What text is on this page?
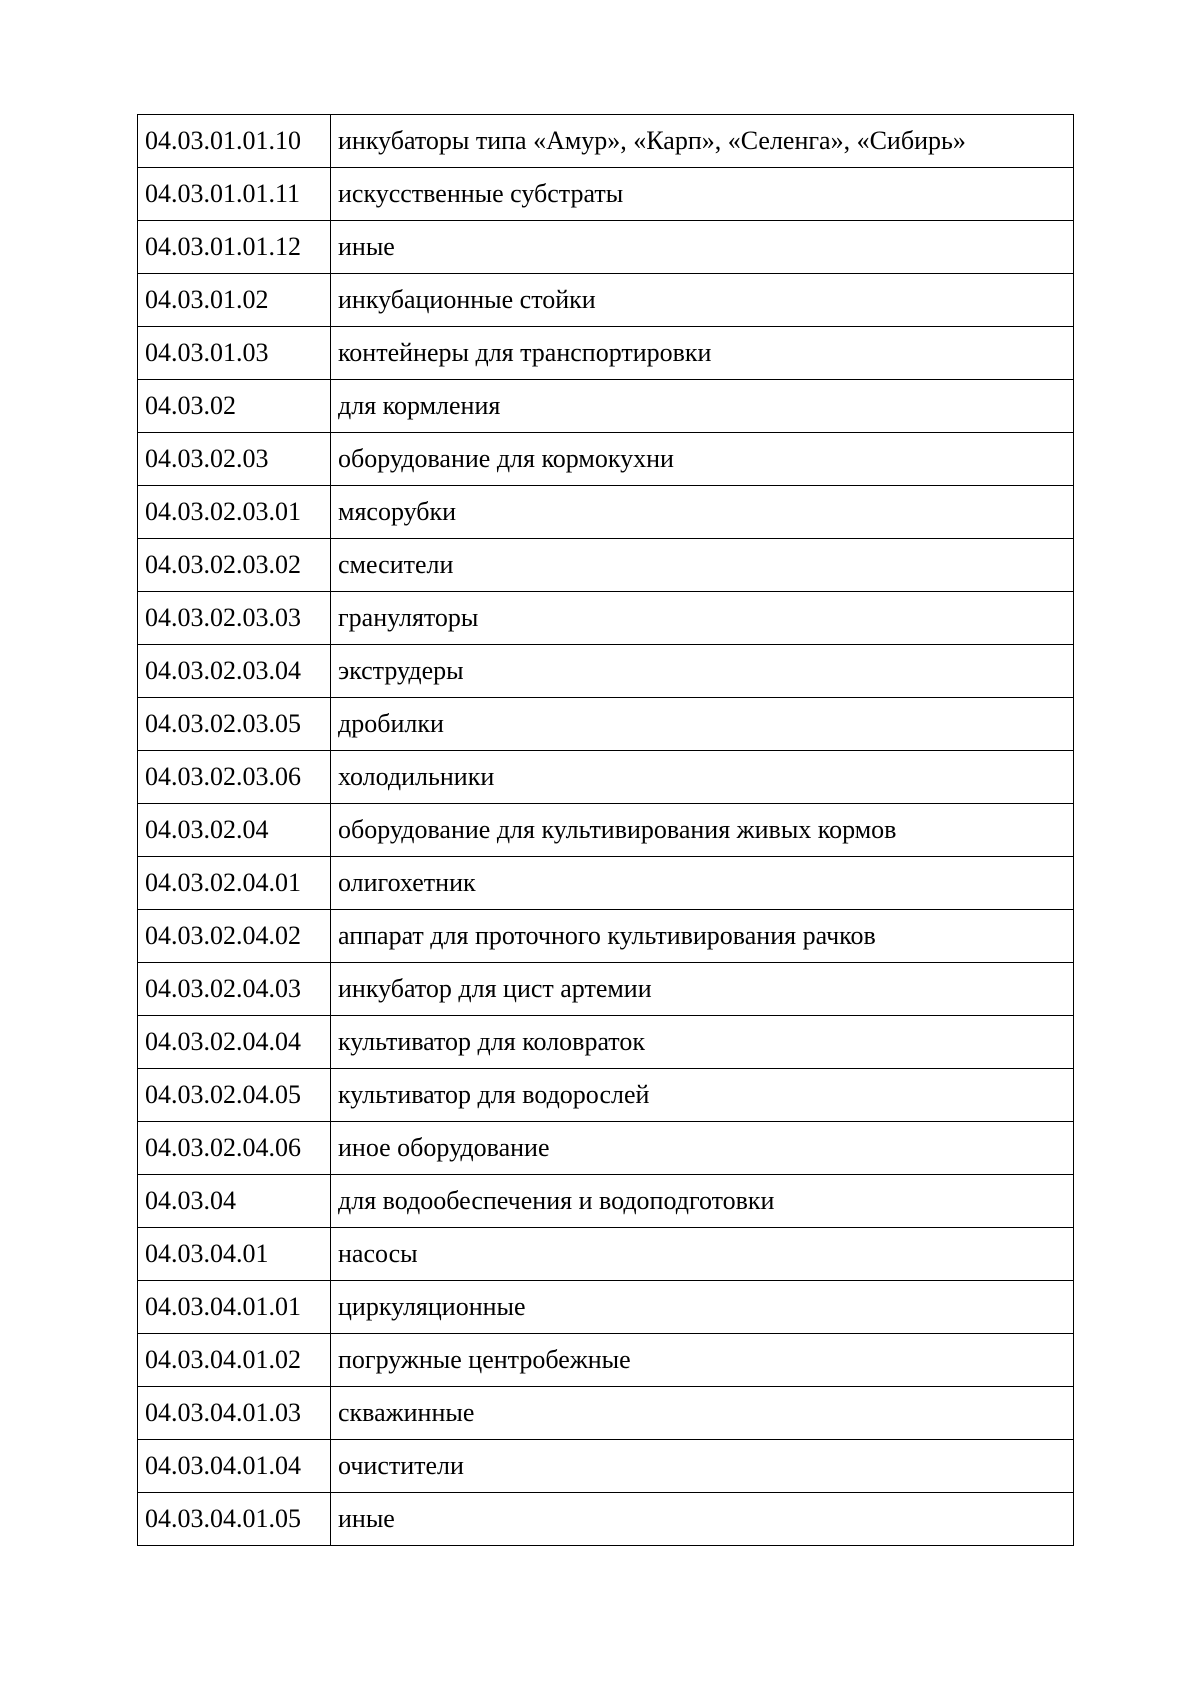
04.03.01.01.10	инкубаторы типа «Амур», «Карп», «Селенга», «Сибирь»
04.03.01.01.11	искусственные субстраты
04.03.01.01.12	иные
04.03.01.02	инкубационные стойки
04.03.01.03	контейнеры для транспортировки
04.03.02	для кормления
04.03.02.03	оборудование для кормокухни
04.03.02.03.01	мясорубки
04.03.02.03.02	смесители
04.03.02.03.03	грануляторы
04.03.02.03.04	экструдеры
04.03.02.03.05	дробилки
04.03.02.03.06	холодильники
04.03.02.04	оборудование для культивирования живых кормов
04.03.02.04.01	олигохетник
04.03.02.04.02	аппарат для проточного культивирования рачков
04.03.02.04.03	инкубатор для цист артемии
04.03.02.04.04	культиватор для коловраток
04.03.02.04.05	культиватор для водорослей
04.03.02.04.06	иное оборудование
04.03.04	для водообеспечения и водоподготовки
04.03.04.01	насосы
04.03.04.01.01	циркуляционные
04.03.04.01.02	погружные центробежные
04.03.04.01.03	скважинные
04.03.04.01.04	очистители
04.03.04.01.05	иные
